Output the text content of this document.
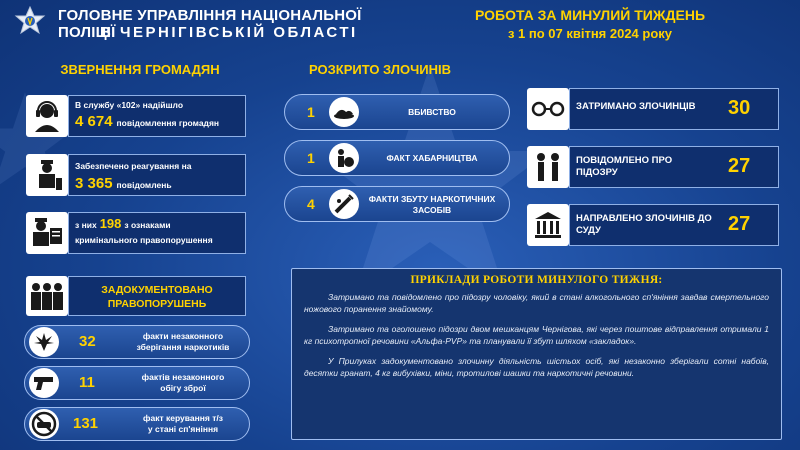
ГОЛОВНЕ УПРАВЛІННЯ НАЦІОНАЛЬНОЇ ПОЛІЦІЇ
В ЧЕРНІГІВСЬКІЙ ОБЛАСТІ
РОБОТА ЗА МИНУЛИЙ ТИЖДЕНЬ
з 1 по 07 квітня 2024 року
ЗВЕРНЕННЯ ГРОМАДЯН
В службу «102» надійшло
4 674 повідомлення громадян
Забезпечено реагування на
3 365 повідомлень
з них 198 з ознаками
кримінального правопорушення
ЗАДОКУМЕНТОВАНО
ПРАВОПОРУШЕНЬ
32	факти незаконного
зберігання наркотиків
11	фактів незаконного
обігу зброї
131	факт керування т/з
у стані сп'яніння
РОЗКРИТО ЗЛОЧИНІВ
1	ВБИВСТВО
1	ФАКТ ХАБАРНИЦТВА
4	ФАКТИ ЗБУТУ НАРКОТИЧНИХ ЗАСОБІВ
ЗАТРИМАНО ЗЛОЧИНЦІВ	30
ПОВІДОМЛЕНО ПРО ПІДОЗРУ	27
НАПРАВЛЕНО ЗЛОЧИНІВ ДО СУДУ	27
ПРИКЛАДИ РОБОТИ МИНУЛОГО ТИЖНЯ:

Затримано та повідомлено про підозру чоловіку, який в стані алкогольного сп'яніння завдав смертельного ножового поранення знайомому.

Затримано та оголошено підозри двом мешканцям Чернігова, які через поштове відправлення отримали 1 кг психотропної речовини «Альфа-PVP» та планували її збут шляхом «закладок».

У Прилуках задокументовано злочинну діяльність шістьох осіб, які незаконно зберігали сотні набоїв, десятки гранат, 4 кг вибухівки, міни, тротилові шашки та наркотичні речовини.
